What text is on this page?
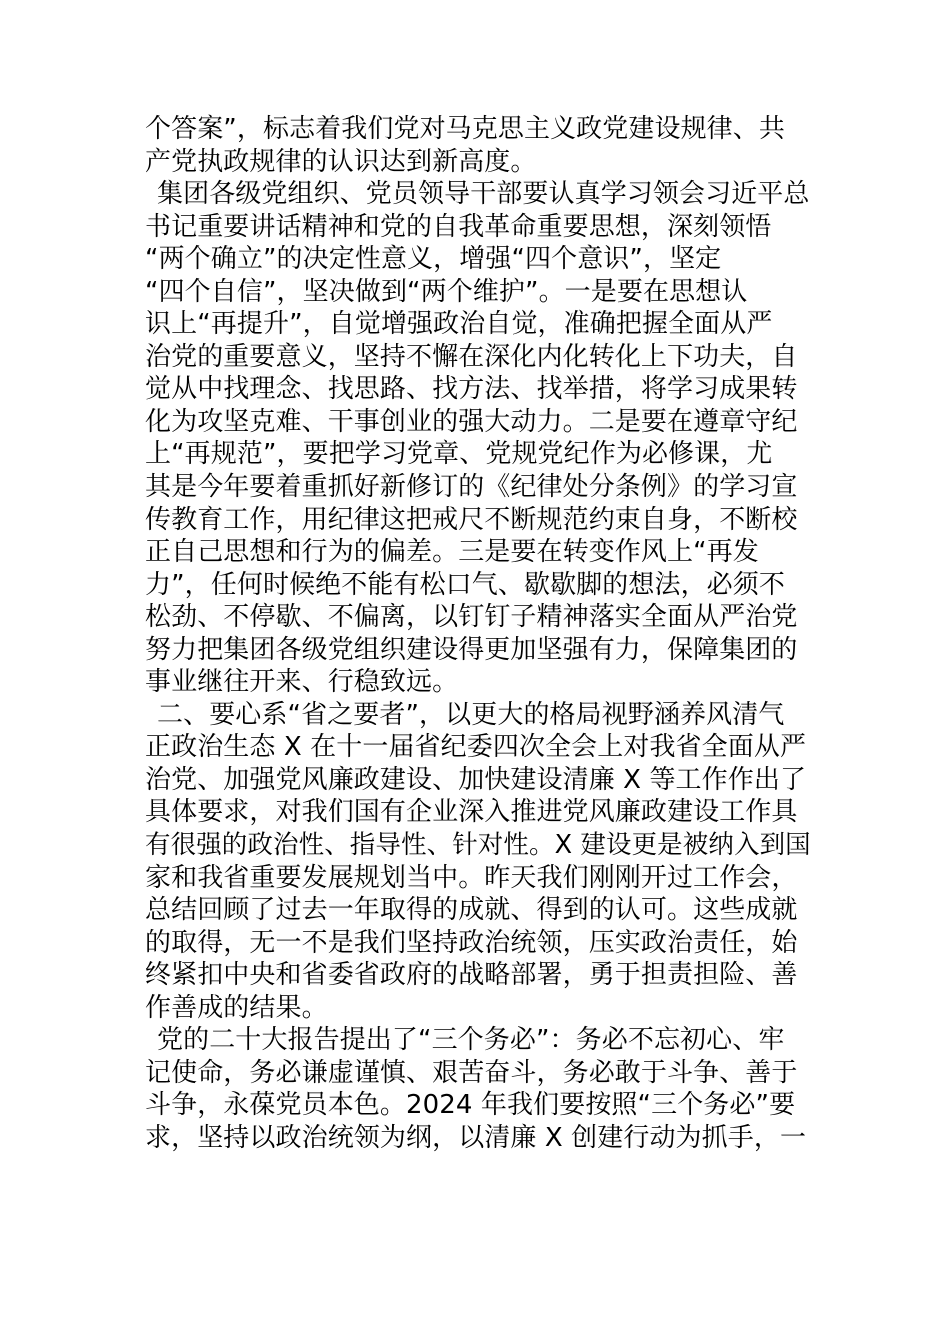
个答案”，标志着我们党对马克思主义政党建设规律、共
产党执政规律的认识达到新高度。
集团各级党组织、党员领导干部要认真学习领会习近平总
书记重要讲话精神和党的自我革命重要思想，深刻领悟
“两个确立”的决定性意义，增强“四个意识”，坚定
“四个自信”，坚决做到“两个维护”。一是要在思想认
识上“再提升”，自觉增强政治自觉，准确把握全面从严
治党的重要意义，坚持不懈在深化内化转化上下功夫，自
觉从中找理念、找思路、找方法、找举措，将学习成果转
化为攻坚克难、干事创业的强大动力。二是要在遵章守纪
上“再规范”，要把学习党章、党规党纪作为必修课，尤
其是今年要着重抓好新修订的《纪律处分条例》的学习宣
传教育工作，用纪律这把戒尺不断规范约束自身，不断校
正自己思想和行为的偏差。三是要在转变作风上“再发
力”，任何时候绝不能有松口气、歇歇脚的想法，必须不
松劲、不停歇、不偏离，以钉钉子精神落实全面从严治党
努力把集团各级党组织建设得更加坚强有力，保障集团的
事业继往开来、行稳致远。
二、要心系“省之要者”，以更大的格局视野涵养风清气
正政治生态 X 在十一届省纪委四次全会上对我省全面从严
治党、加强党风廉政建设、加快建设清廉 X 等工作作出了
具体要求，对我们国有企业深入推进党风廉政建设工作具
有很强的政治性、指导性、针对性。X 建设更是被纳入到国
家和我省重要发展规划当中。昨天我们刚刚开过工作会，
总结回顾了过去一年取得的成就、得到的认可。这些成就
的取得，无一不是我们坚持政治统领，压实政治责任，始
终紧扣中央和省委省政府的战略部署，勇于担责担险、善
作善成的结果。
党的二十大报告提出了“三个务必”：务必不忘初心、牢
记使命，务必谦虚谨慎、艰苦奋斗，务必敢于斗争、善于
斗争，永葆党员本色。2024 年我们要按照“三个务必”要
求，坚持以政治统领为纲，以清廉 X 创建行动为抓手，一
